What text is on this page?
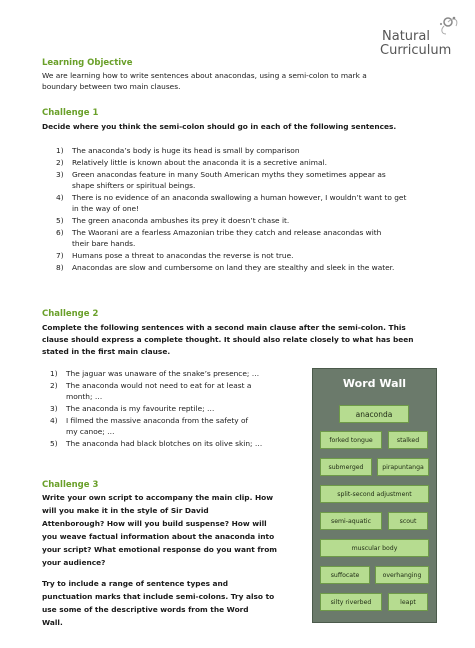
Natural
Curriculum
Learning Objective
We are learning how to write sentences about anacondas, using a semi-colon to mark a
boundary between two main clauses.
Challenge 1
Decide where you think the semi-colon should go in each of the following sentences.
1) The anaconda’s body is huge its head is small by comparison
2) Relatively little is known about the anaconda it is a secretive animal.
3) Green anacondas feature in many South American myths they sometimes appear as
shape shifters or spiritual beings.
4) There is no evidence of an anaconda swallowing a human however, I wouldn’t want to get
in the way of one!
5) The green anaconda ambushes its prey it doesn’t chase it.
6) The Waorani are a fearless Amazonian tribe they catch and release anacondas with
their bare hands.
7) Humans pose a threat to anacondas the reverse is not true.
8) Anacondas are slow and cumbersome on land they are stealthy and sleek in the water.
Challenge 2
Complete the following sentences with a second main clause after the semi-colon. This
clause should express a complete thought. It should also relate closely to what has been
stated in the first main clause.
1) The jaguar was unaware of the snake’s presence; …
2) The anaconda would not need to eat for at least a
month; …
3) The anaconda is my favourite reptile; …
4) I filmed the massive anaconda from the safety of
my canoe; …
5) The anaconda had black blotches on its olive skin; …
Challenge 3
Write your own script to accompany the main clip. How
will you make it in the style of Sir David
Attenborough? How will you build suspense? How will
you weave factual information about the anaconda into
your script? What emotional response do you want from
your audience?
Try to include a range of sentence types and
punctuation marks that include semi-colons. Try also to
use some of the descriptive words from the Word
Wall.
Word Wall
anaconda
forked tongue	stalked
submerged	pirapuntanga
split-second adjustment
semi-aquatic	scout
muscular body
suffocate	overhanging
silty riverbed	leapt
